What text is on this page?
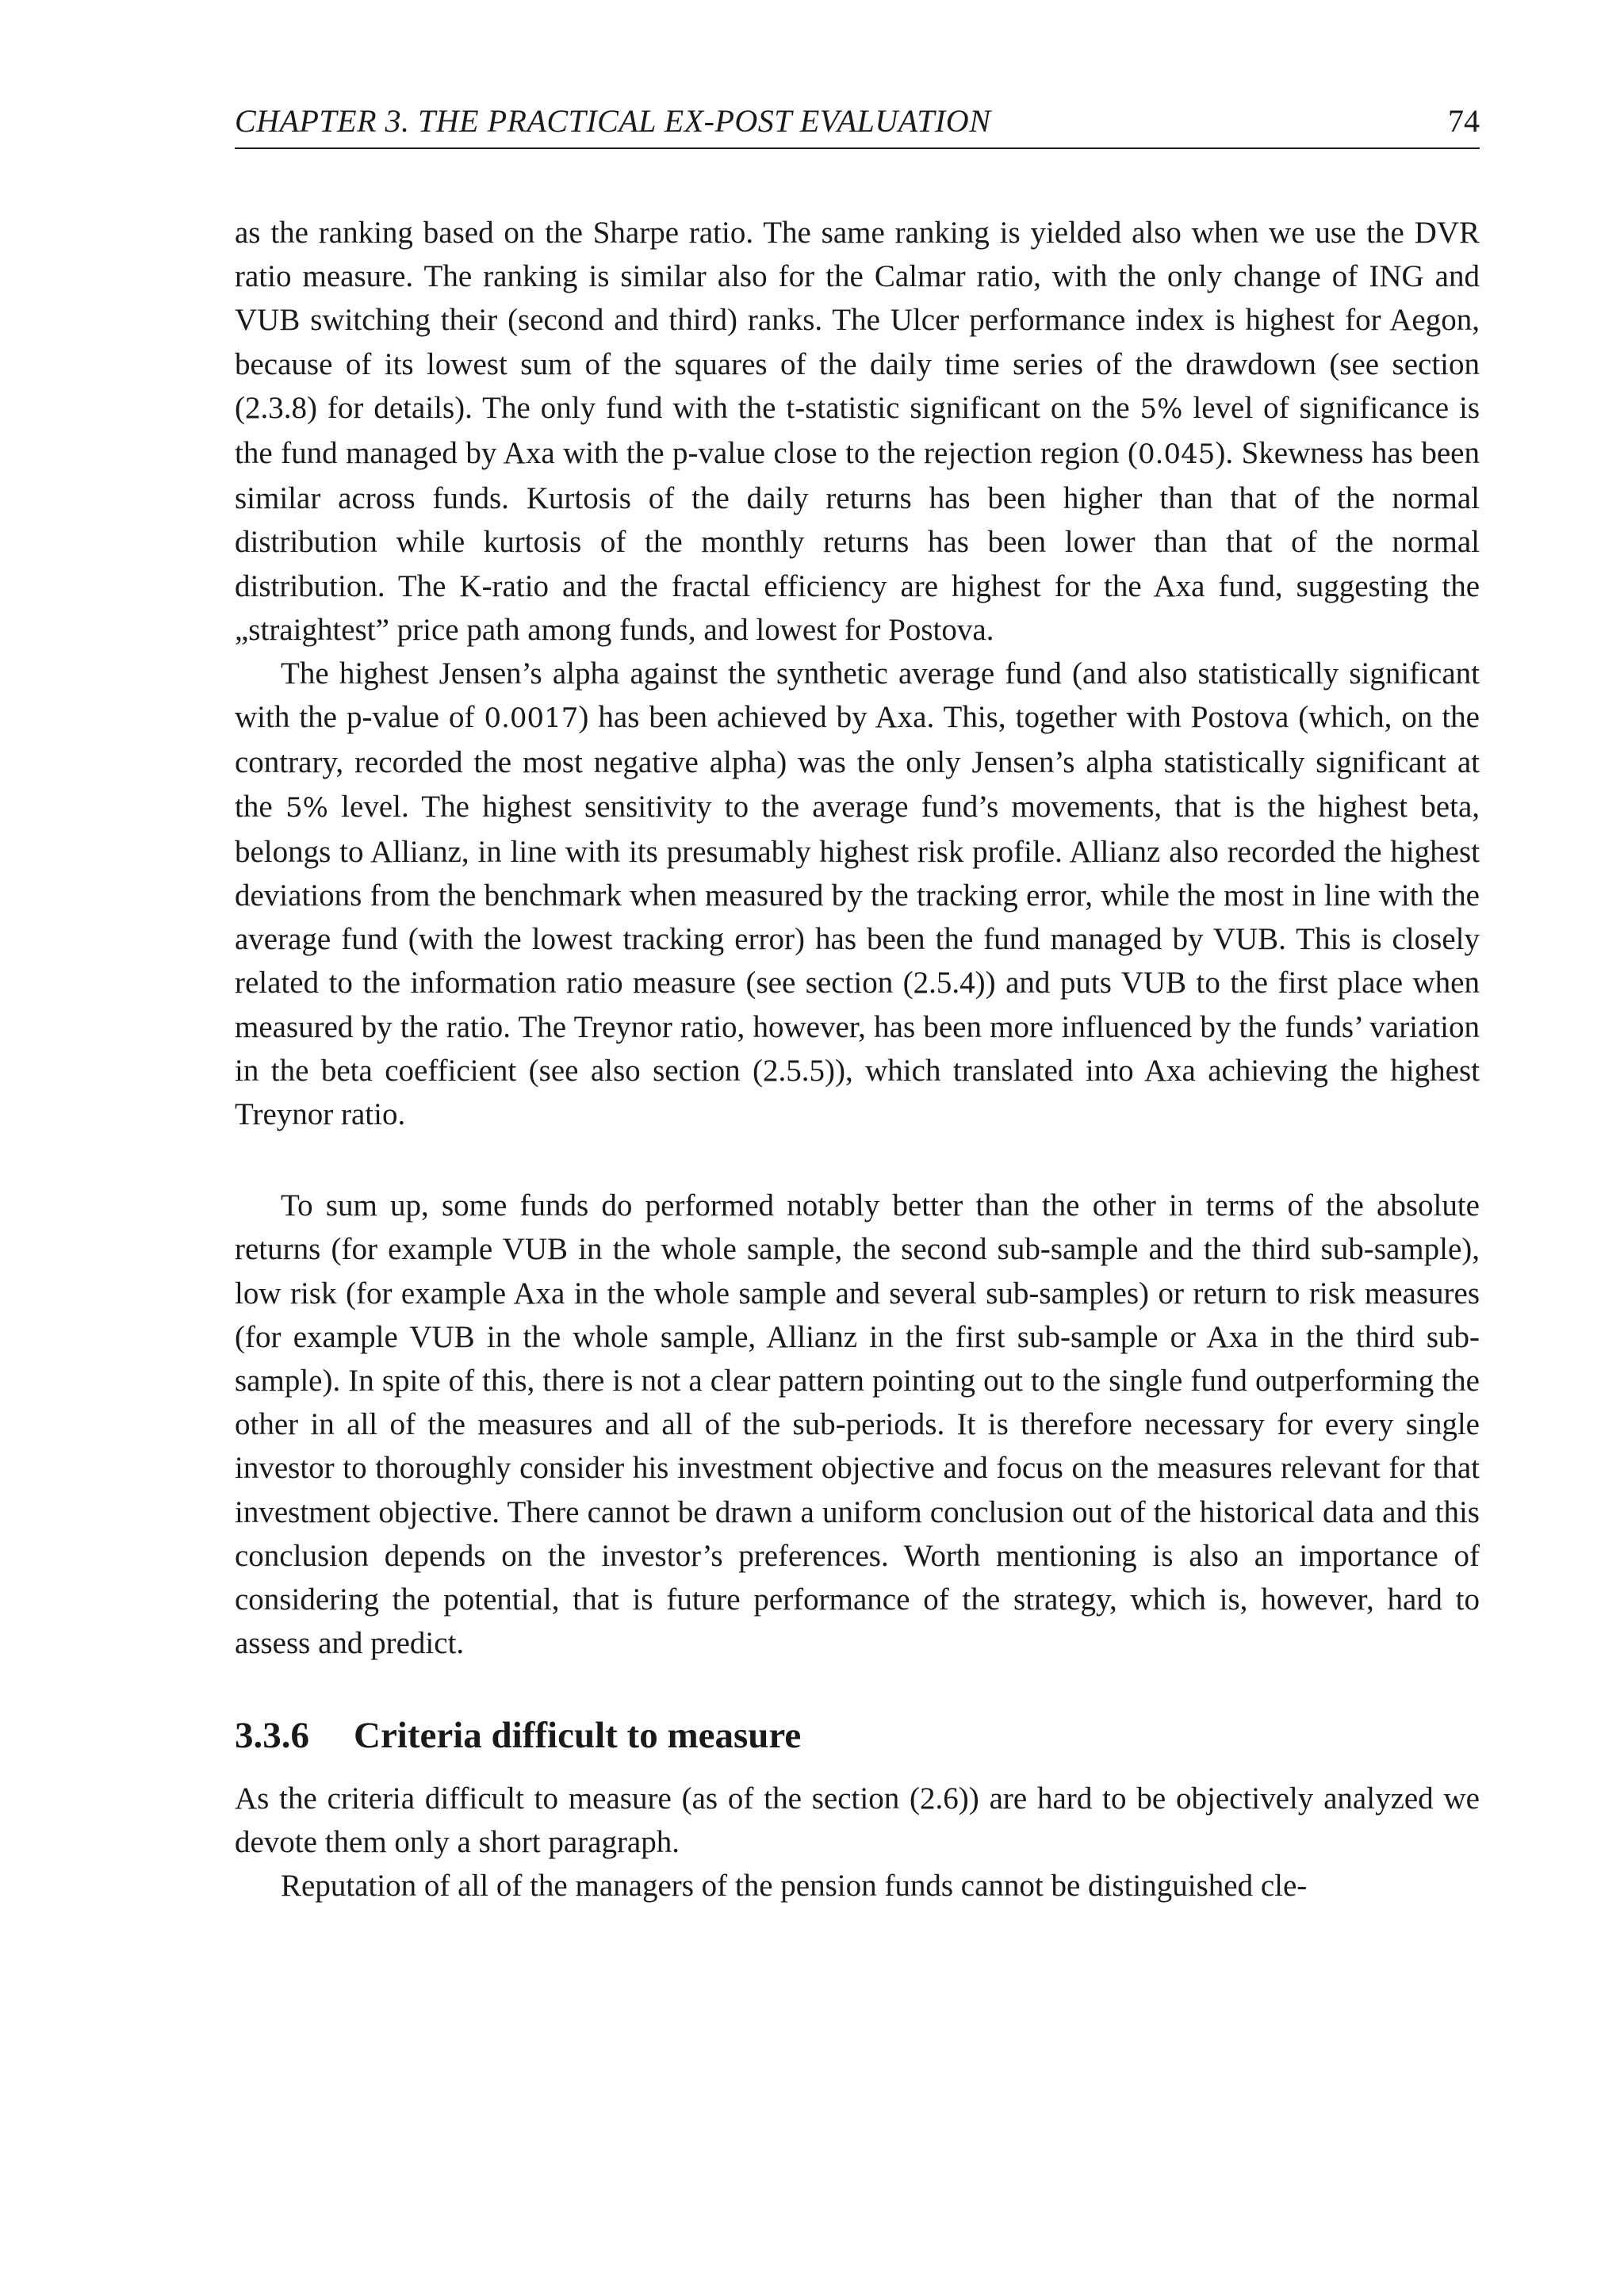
CHAPTER 3. THE PRACTICAL EX-POST EVALUATION	74

as the ranking based on the Sharpe ratio. The same ranking is yielded also when we use the DVR ratio measure. The ranking is similar also for the Calmar ratio, with the only change of ING and VUB switching their (second and third) ranks. The Ulcer performance index is highest for Aegon, because of its lowest sum of the squares of the daily time series of the drawdown (see section (2.3.8) for details). The only fund with the t-statistic significant on the 5% level of significance is the fund managed by Axa with the p-value close to the rejection region (0.045). Skewness has been similar across funds. Kurtosis of the daily returns has been higher than that of the normal distribution while kurtosis of the monthly returns has been lower than that of the normal distribution. The K-ratio and the fractal efficiency are highest for the Axa fund, suggesting the „straightest” price path among funds, and lowest for Postova.

The highest Jensen’s alpha against the synthetic average fund (and also statistically significant with the p-value of 0.0017) has been achieved by Axa. This, together with Postova (which, on the contrary, recorded the most negative alpha) was the only Jensen’s alpha statistically significant at the 5% level. The highest sensitivity to the average fund’s movements, that is the highest beta, belongs to Allianz, in line with its presumably highest risk profile. Allianz also recorded the highest deviations from the benchmark when measured by the tracking error, while the most in line with the average fund (with the lowest tracking error) has been the fund managed by VUB. This is closely related to the information ratio measure (see section (2.5.4)) and puts VUB to the first place when measured by the ratio. The Treynor ratio, however, has been more influenced by the funds’ variation in the beta coefficient (see also section (2.5.5)), which translated into Axa achieving the highest Treynor ratio.

To sum up, some funds do performed notably better than the other in terms of the absolute returns (for example VUB in the whole sample, the second sub-sample and the third sub-sample), low risk (for example Axa in the whole sample and several sub-samples) or return to risk measures (for example VUB in the whole sample, Allianz in the first sub-sample or Axa in the third sub-sample). In spite of this, there is not a clear pattern pointing out to the single fund outperforming the other in all of the measures and all of the sub-periods. It is therefore necessary for every single investor to thoroughly consider his investment objective and focus on the measures relevant for that investment objective. There cannot be drawn a uniform conclusion out of the historical data and this conclusion depends on the investor’s preferences. Worth mentioning is also an importance of considering the potential, that is future performance of the strategy, which is, however, hard to assess and predict.

3.3.6 Criteria difficult to measure

As the criteria difficult to measure (as of the section (2.6)) are hard to be objectively analyzed we devote them only a short paragraph.

Reputation of all of the managers of the pension funds cannot be distinguished cle-
